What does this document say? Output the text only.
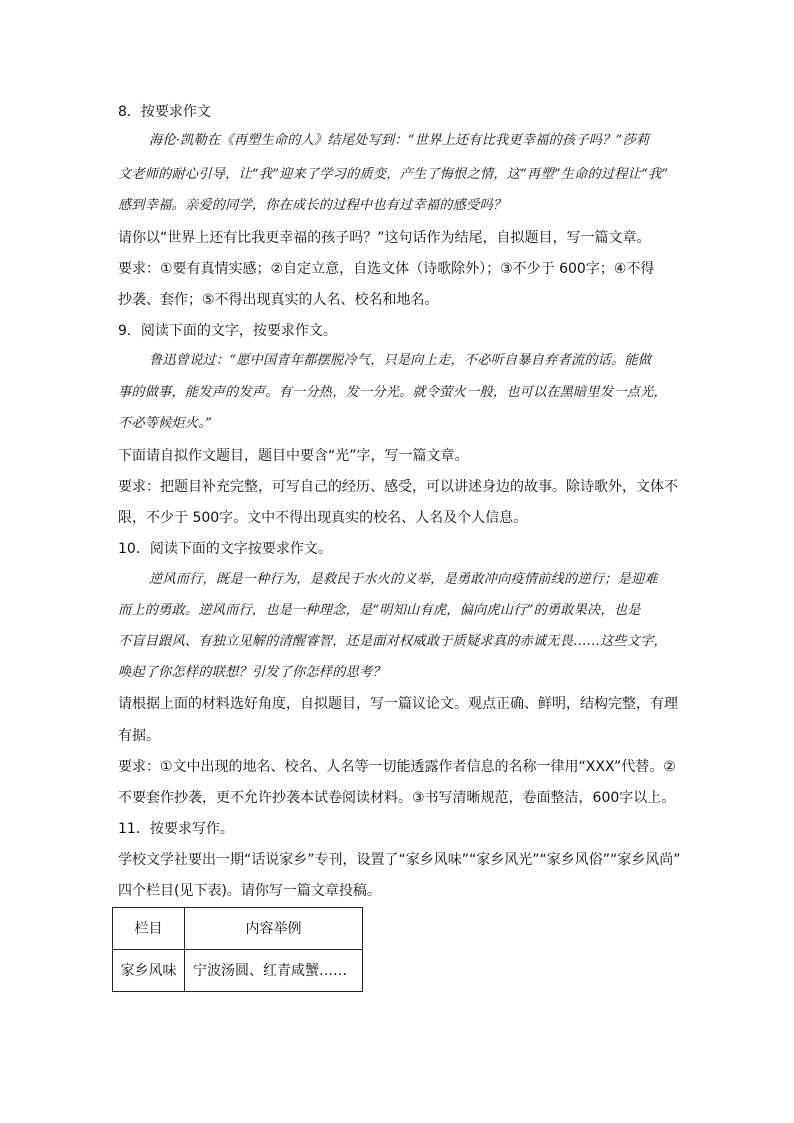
8．按要求作文
海伦·凯勒在《再塑生命的人》结尾处写到：“世界上还有比我更幸福的孩子吗？”莎莉
文老师的耐心引导，让“我”迎来了学习的质变，产生了悔恨之情，这“再塑”生命的过程让“我”
感到幸福。亲爱的同学，你在成长的过程中也有过幸福的感受吗？
请你以“世界上还有比我更幸福的孩子吗？”这句话作为结尾，自拟题目，写一篇文章。
要求：①要有真情实感；②自定立意，自选文体（诗歌除外）；③不少于 600字；④不得
抄袭、套作；⑤不得出现真实的人名、校名和地名。
9．阅读下面的文字，按要求作文。
鲁迅曾说过：“愿中国青年都摆脱冷气，只是向上走，不必听自暴自弃者流的话。能做
事的做事，能发声的发声。有一分热，发一分光。就令萤火一般，也可以在黑暗里发一点光，
不必等候炬火。”
下面请自拟作文题目，题目中要含“光”字，写一篇文章。
要求：把题目补充完整，可写自己的经历、感受，可以讲述身边的故事。除诗歌外，文体不
限，不少于 500字。文中不得出现真实的校名、人名及个人信息。
10．阅读下面的文字按要求作文。
逆风而行，既是一种行为，是救民于水火的义举，是勇敢冲向疫情前线的逆行；是迎难
而上的勇敢。逆风而行，也是一种理念，是“明知山有虎，偏向虎山行”的勇敢果决，也是
不盲目跟风、有独立见解的清醒睿智，还是面对权威敢于质疑求真的赤诚无畏……这些文字，
唤起了你怎样的联想？引发了你怎样的思考？
请根据上面的材料选好角度，自拟题目，写一篇议论文。观点正确、鲜明，结构完整，有理
有据。
要求：①文中出现的地名、校名、人名等一切能透露作者信息的名称一律用“XXX”代替。②
不要套作抄袭，更不允许抄袭本试卷阅读材料。③书写清晰规范，卷面整洁，600字以上。
11．按要求写作。
学校文学社要出一期“话说家乡”专刊，设置了“家乡风味”“家乡风光”“家乡风俗”“家乡风尚”
四个栏目(见下表)。请你写一篇文章投稿。
栏目	内容举例
家乡风味	宁波汤圆、红青咸蟹……
